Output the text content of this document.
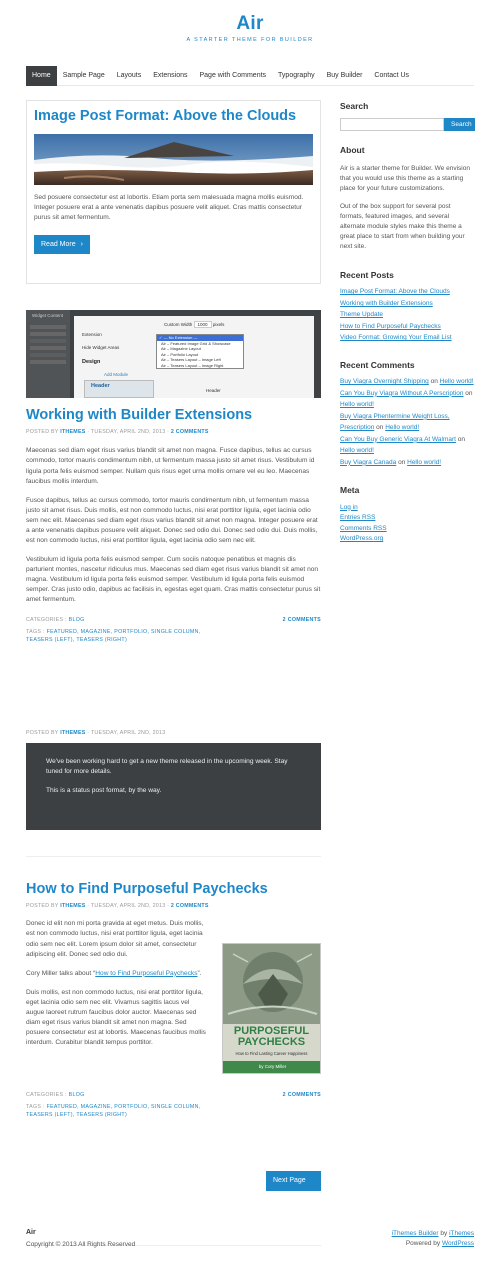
Air
A STARTER THEME FOR BUILDER
Home	Sample Page	Layouts	Extensions	Page with Comments	Typography	Buy Builder	Contact Us
Image Post Format: Above the Clouds

Sed posuere consectetur est at lobortis. Etiam porta sem malesuada magna mollis euismod. Integer posuere erat a ante venenatis dapibus posuere velit aliquet. Cras mattis consectetur purus sit amet fermentum.

Read More ›
Widget Content
Extension
Hide Widget Areas
Design
Add Module
Header
Custom Width 1000 pixels
✓ — No Extension —
Air – Featured Image Grid & Showcase
Air – Magazine Layout
Air – Portfolio Layout
Air – Teasers Layout – Image Left
Air – Teasers Layout – Image Right
Header
Working with Builder Extensions
POSTED BY ITHEMES · TUESDAY, APRIL 2ND, 2013 · 2 COMMENTS

Maecenas sed diam eget risus varius blandit sit amet non magna. Fusce dapibus, tellus ac cursus commodo, tortor mauris condimentum nibh, ut fermentum massa justo sit amet risus. Vestibulum id ligula porta felis euismod semper. Nullam quis risus eget urna mollis ornare vel eu leo. Maecenas faucibus mollis interdum.

Fusce dapibus, tellus ac cursus commodo, tortor mauris condimentum nibh, ut fermentum massa justo sit amet risus. Duis mollis, est non commodo luctus, nisi erat porttitor ligula, eget lacinia odio sem nec elit. Maecenas sed diam eget risus varius blandit sit amet non magna. Integer posuere erat a ante venenatis dapibus posuere velit aliquet. Donec sed odio dui. Donec sed odio dui. Duis mollis, est non commodo luctus, nisi erat porttitor ligula, eget lacinia odio sem nec elit.

Vestibulum id ligula porta felis euismod semper. Cum sociis natoque penatibus et magnis dis parturient montes, nascetur ridiculus mus. Maecenas sed diam eget risus varius blandit sit amet non magna. Vestibulum id ligula porta felis euismod semper. Vestibulum id ligula porta felis euismod semper. Cras justo odio, dapibus ac facilisis in, egestas eget quam. Cras mattis consectetur purus sit amet fermentum.

CATEGORIES : BLOG	2 COMMENTS
TAGS : FEATURED, MAGAZINE, PORTFOLIO, SINGLE COLUMN,
TEASERS (LEFT), TEASERS (RIGHT)
POSTED BY ITHEMES · TUESDAY, APRIL 2ND, 2013
We've been working hard to get a new theme released in the upcoming week. Stay tuned for more details.
This is a status post format, by the way.
How to Find Purposeful Paychecks
POSTED BY ITHEMES · TUESDAY, APRIL 2ND, 2013 · 2 COMMENTS

Donec id elit non mi porta gravida at eget metus. Duis mollis, est non commodo luctus, nisi erat porttitor ligula, eget lacinia odio sem nec elit. Lorem ipsum dolor sit amet, consectetur adipiscing elit. Donec sed odio dui.

Cory Miller talks about “How to Find Purposeful Paychecks”.

Duis mollis, est non commodo luctus, nisi erat porttitor ligula, eget lacinia odio sem nec elit. Vivamus sagittis lacus vel augue laoreet rutrum faucibus dolor auctor. Maecenas sed diam eget risus varius blandit sit amet non magna. Sed posuere consectetur est at lobortis. Maecenas faucibus mollis interdum. Curabitur blandit tempus porttitor.

PURPOSEFUL
PAYCHECKS
How to Find Lasting Career Happiness
by Cory Miller
CATEGORIES : BLOG	2 COMMENTS
TAGS : FEATURED, MAGAZINE, PORTFOLIO, SINGLE COLUMN,
TEASERS (LEFT), TEASERS (RIGHT)
Next Page →
Search
Search
About

Air is a starter theme for Builder. We envision that you would use this theme as a starting place for your future customizations.

Out of the box support for several post formats, featured images, and several alternate module styles make this theme a great place to start from when building your next site.

Recent Posts
Image Post Format: Above the Clouds
Working with Builder Extensions
Theme Update
How to Find Purposeful Paychecks
Video Format: Growing Your Email List
Recent Comments
Buy Viagra Overnight Shipping on Hello world!
Can You Buy Viagra Without A Perscription on Hello world!
Buy Viagra Phentermine Weight Loss, Prescription on Hello world!
Can You Buy Generic Viagra At Walmart on Hello world!
Buy Viagra Canada on Hello world!
Meta
Log in
Entries RSS
Comments RSS
WordPress.org
Air
Copyright © 2013 All Rights Reserved
iThemes Builder by iThemes
Powered by WordPress
